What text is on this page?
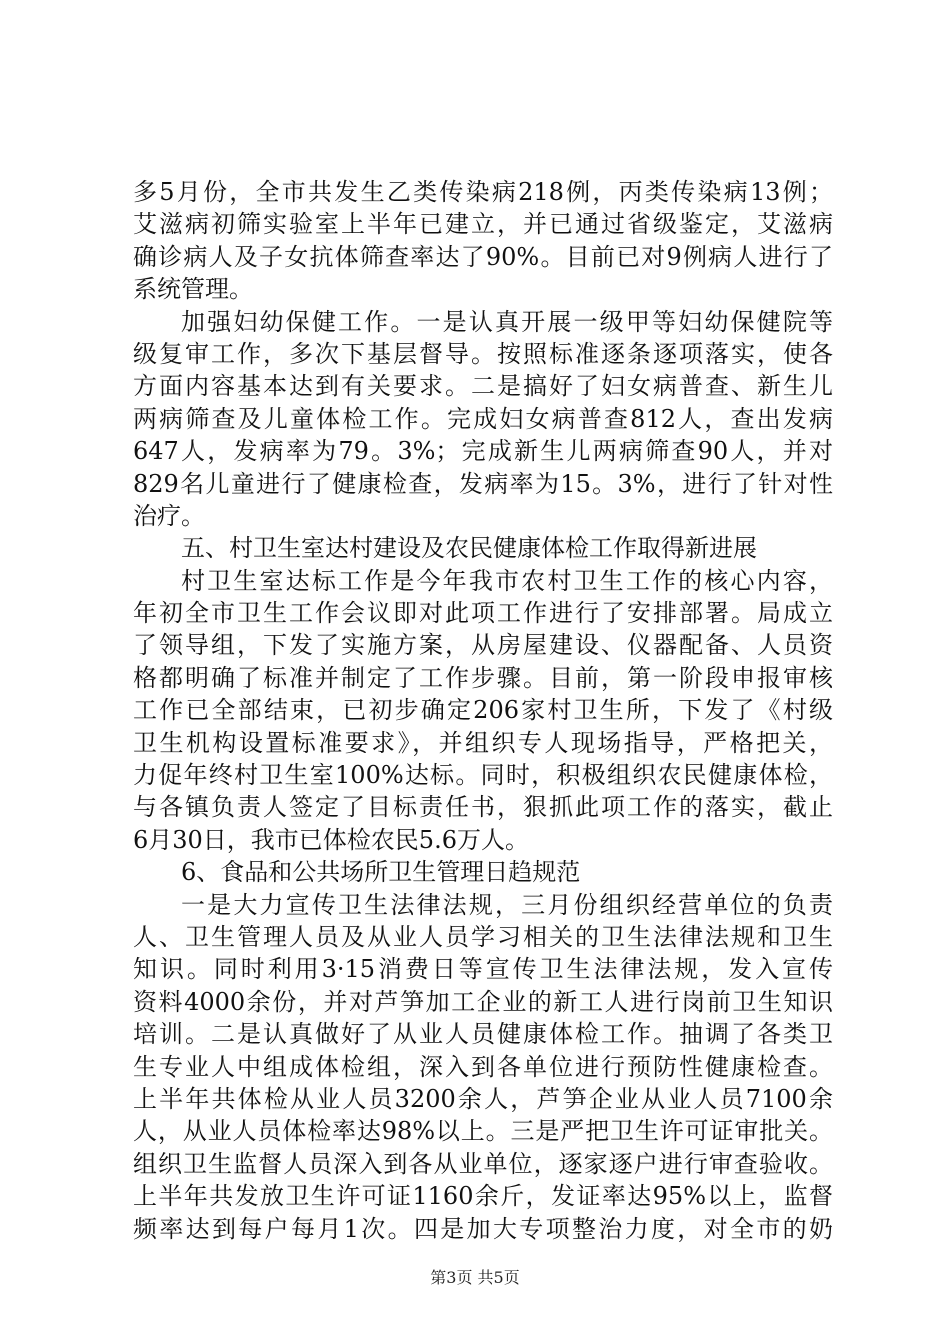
多5月份，全市共发生乙类传染病218例，丙类传染病13例；
艾滋病初筛实验室上半年已建立，并已通过省级鉴定，艾滋病
确诊病人及子女抗体筛查率达了90%。目前已对9例病人进行了
系统管理。
加强妇幼保健工作。一是认真开展一级甲等妇幼保健院等
级复审工作，多次下基层督导。按照标准逐条逐项落实，使各
方面内容基本达到有关要求。二是搞好了妇女病普查、新生儿
两病筛查及儿童体检工作。完成妇女病普查812人，查出发病
647人，发病率为79。3%；完成新生儿两病筛查90人，并对
829名儿童进行了健康检查，发病率为15。3%，进行了针对性
治疗。
五、村卫生室达村建设及农民健康体检工作取得新进展
村卫生室达标工作是今年我市农村卫生工作的核心内容，
年初全市卫生工作会议即对此项工作进行了安排部署。局成立
了领导组，下发了实施方案，从房屋建设、仪器配备、人员资
格都明确了标准并制定了工作步骤。目前，第一阶段申报审核
工作已全部结束，已初步确定206家村卫生所，下发了《村级
卫生机构设置标准要求》，并组织专人现场指导，严格把关，
力促年终村卫生室100%达标。同时，积极组织农民健康体检，
与各镇负责人签定了目标责任书，狠抓此项工作的落实，截止
6月30日，我市已体检农民5.6万人。
6、食品和公共场所卫生管理日趋规范
一是大力宣传卫生法律法规，三月份组织经营单位的负责
人、卫生管理人员及从业人员学习相关的卫生法律法规和卫生
知识。同时利用3·15消费日等宣传卫生法律法规，发入宣传
资料4000余份，并对芦笋加工企业的新工人进行岗前卫生知识
培训。二是认真做好了从业人员健康体检工作。抽调了各类卫
生专业人中组成体检组，深入到各单位进行预防性健康检查。
上半年共体检从业人员3200余人，芦笋企业从业人员7100余
人，从业人员体检率达98%以上。三是严把卫生许可证审批关。
组织卫生监督人员深入到各从业单位，逐家逐户进行审查验收。
上半年共发放卫生许可证1160余斤，发证率达95%以上，监督
频率达到每户每月1次。四是加大专项整治力度，对全市的奶
第3页 共5页
